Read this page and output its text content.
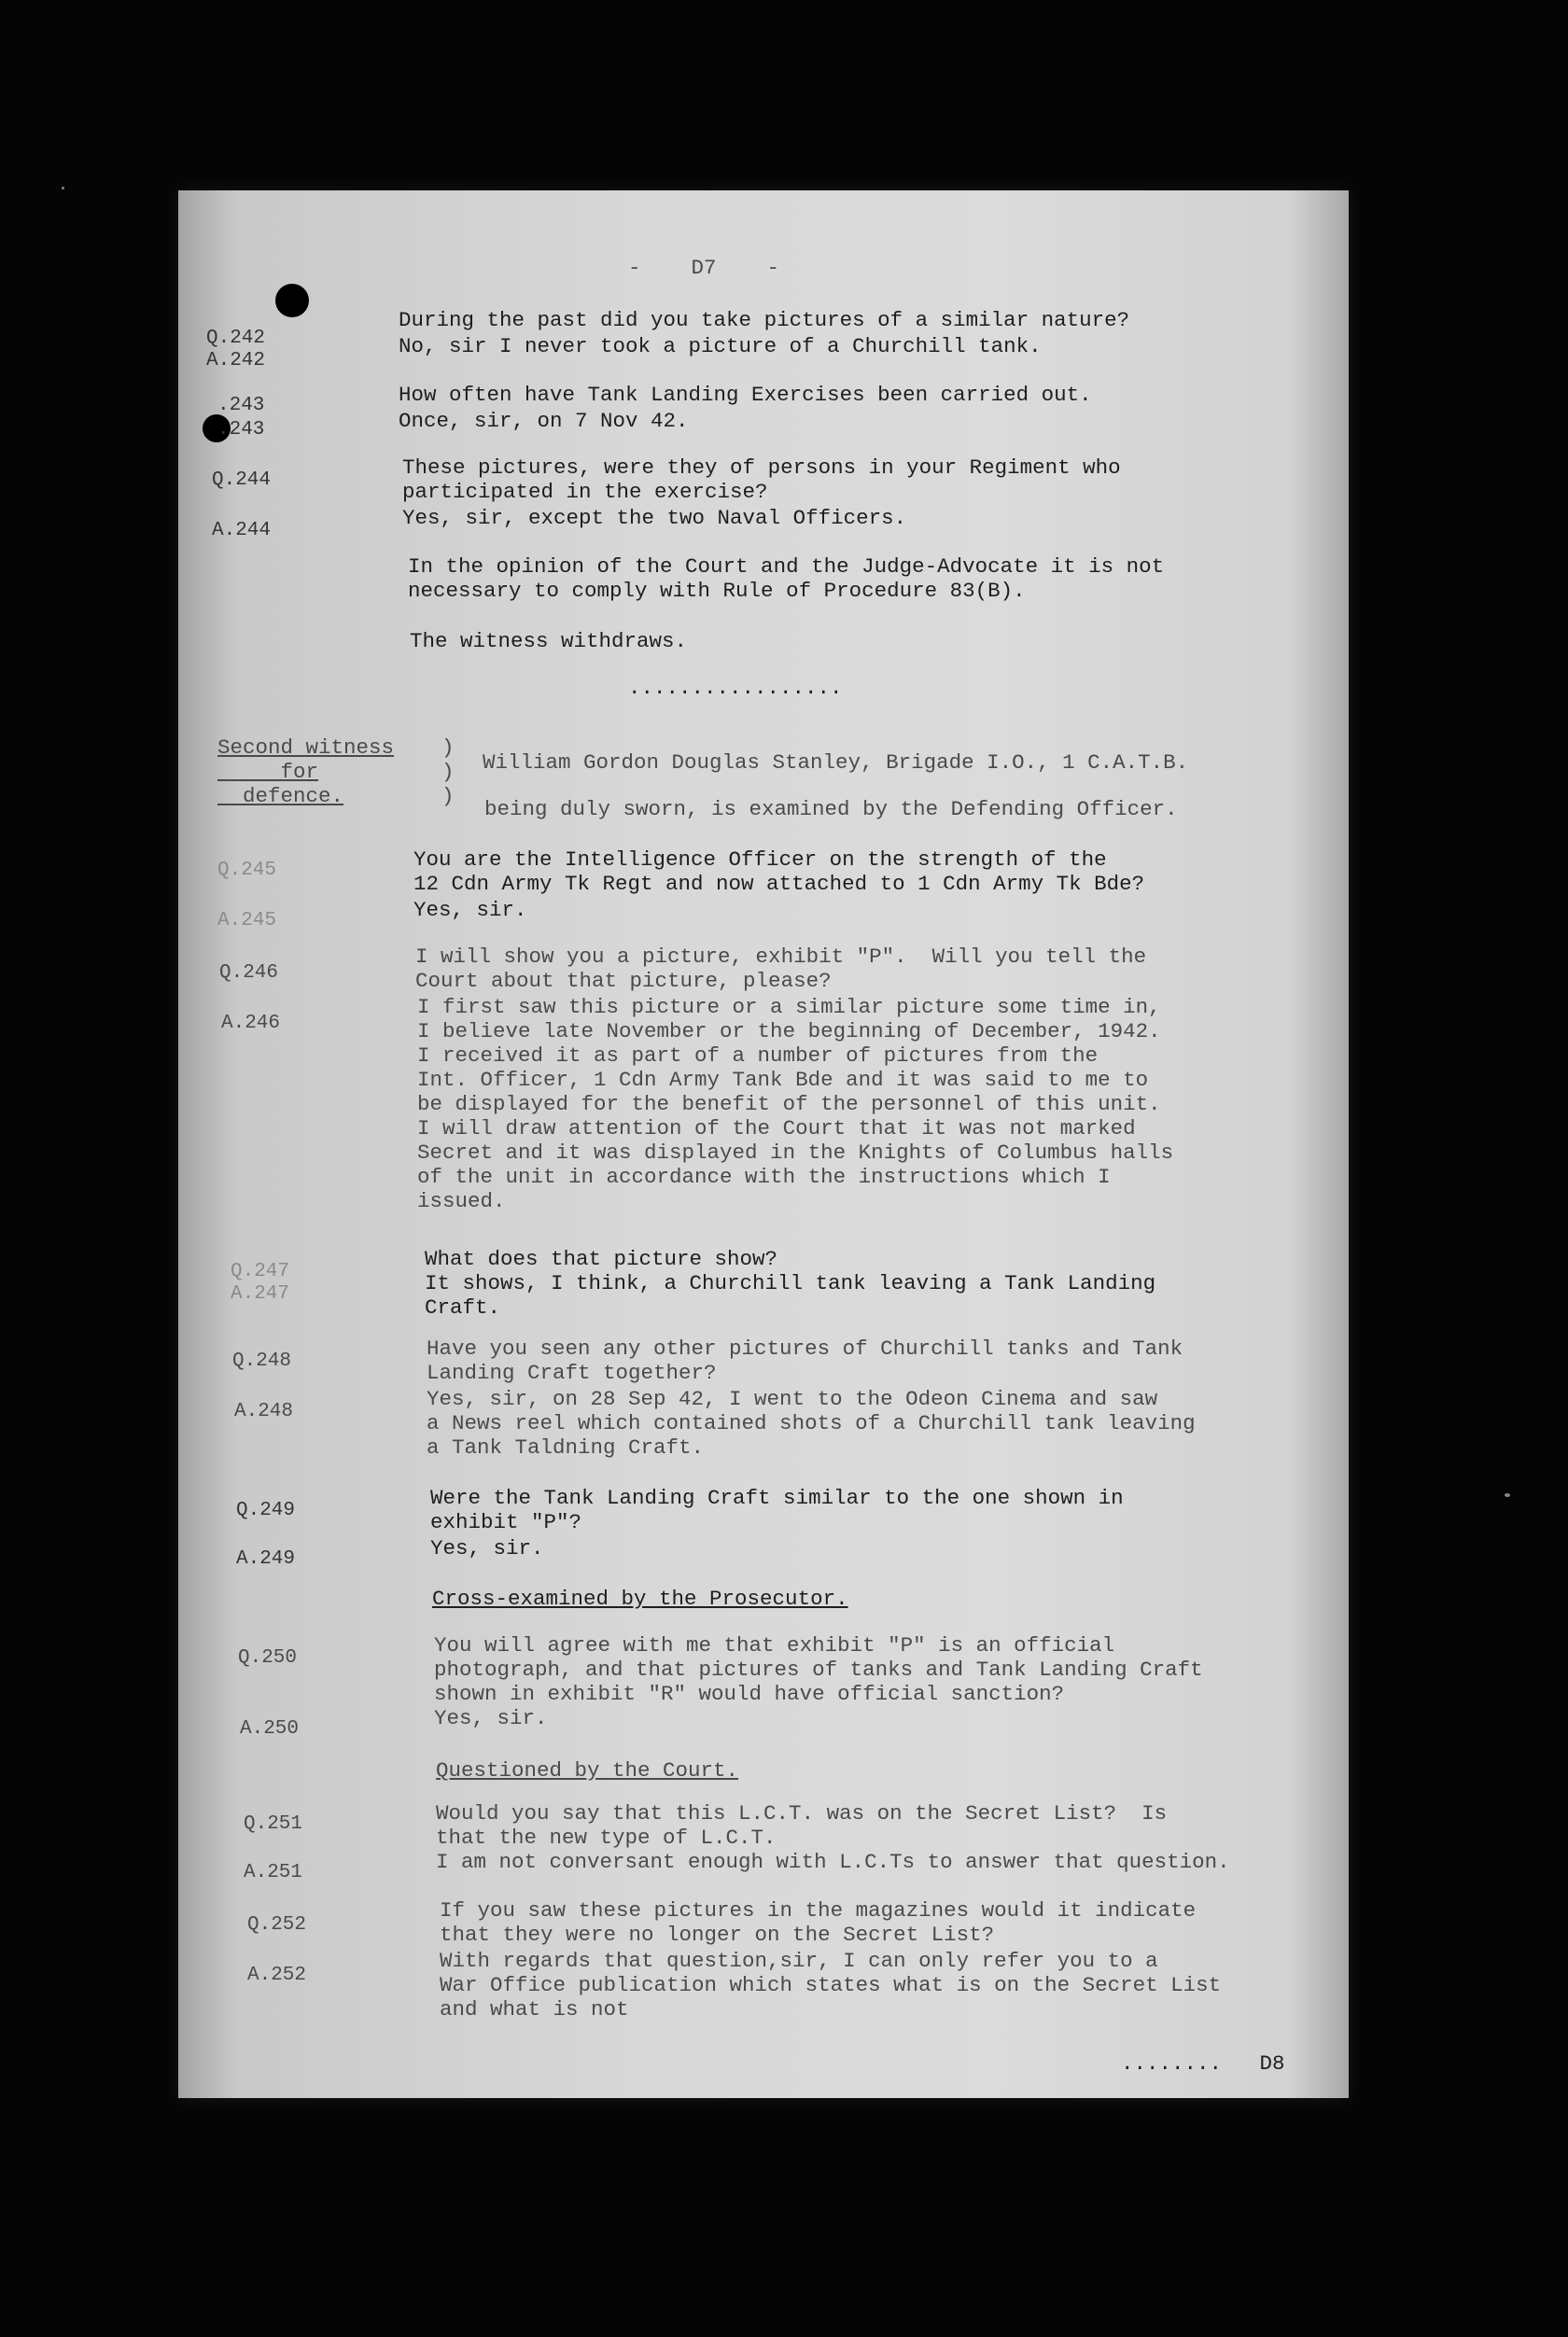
-    D7    -

Q.242

During the past did you take pictures of a similar nature?

A.242

No, sir I never took a picture of a Churchill tank.

.243	How often have Tank Landing Exercises been carried out.

.243	Once, sir, on 7 Nov 42.

Q.244

These pictures, were they of persons in your Regiment who
participated in the exercise?

A.244

Yes, sir, except the two Naval Officers.

In the opinion of the Court and the Judge-Advocate it is not
necessary to comply with Rule of Procedure 83(B).

The witness withdraws.

.................

Second witness
for
defence.

)
)
)

William Gordon Douglas Stanley, Brigade I.O., 1 C.A.T.B.

being duly sworn, is examined by the Defending Officer.

Q.245	You are the Intelligence Officer on the strength of the
12 Cdn Army Tk Regt and now attached to 1 Cdn Army Tk Bde?

A.245	Yes, sir.

Q.246

I will show you a picture, exhibit "P".  Will you tell the
Court about that picture, please?

A.246

I first saw this picture or a similar picture some time in,
I believe late November or the beginning of December, 1942.
I received it as part of a number of pictures from the
Int. Officer, 1 Cdn Army Tank Bde and it was said to me to
be displayed for the benefit of the personnel of this unit.
I will draw attention of the Court that it was not marked
Secret and it was displayed in the Knights of Columbus halls
of the unit in accordance with the instructions which I
issued.

Q.247

What does that picture show?

A.247	It shows, I think, a Churchill tank leaving a Tank Landing
Craft.

Q.248

Have you seen any other pictures of Churchill tanks and Tank
Landing Craft together?

A.248

Yes, sir, on 28 Sep 42, I went to the Odeon Cinema and saw
a News reel which contained shots of a Churchill tank leaving
a Tank Taldning Craft.

Q.249

Were the Tank Landing Craft similar to the one shown in
exhibit "P"?

A.249	Yes, sir.

Cross-examined by the Prosecutor.

Q.250

You will agree with me that exhibit "P" is an official
photograph, and that pictures of tanks and Tank Landing Craft
shown in exhibit "R" would have official sanction?

A.250	Yes, sir.

Questioned by the Court.

Q.251	Would you say that this L.C.T. was on the Secret List?  Is
that the new type of L.C.T.

A.251	I am not conversant enough with L.C.Ts to answer that question.

Q.252

If you saw these pictures in the magazines would it indicate
that they were no longer on the Secret List?

A.252

With regards that question,sir, I can only refer you to a
War Office publication which states what is on the Secret List
and what is not

........   D8
